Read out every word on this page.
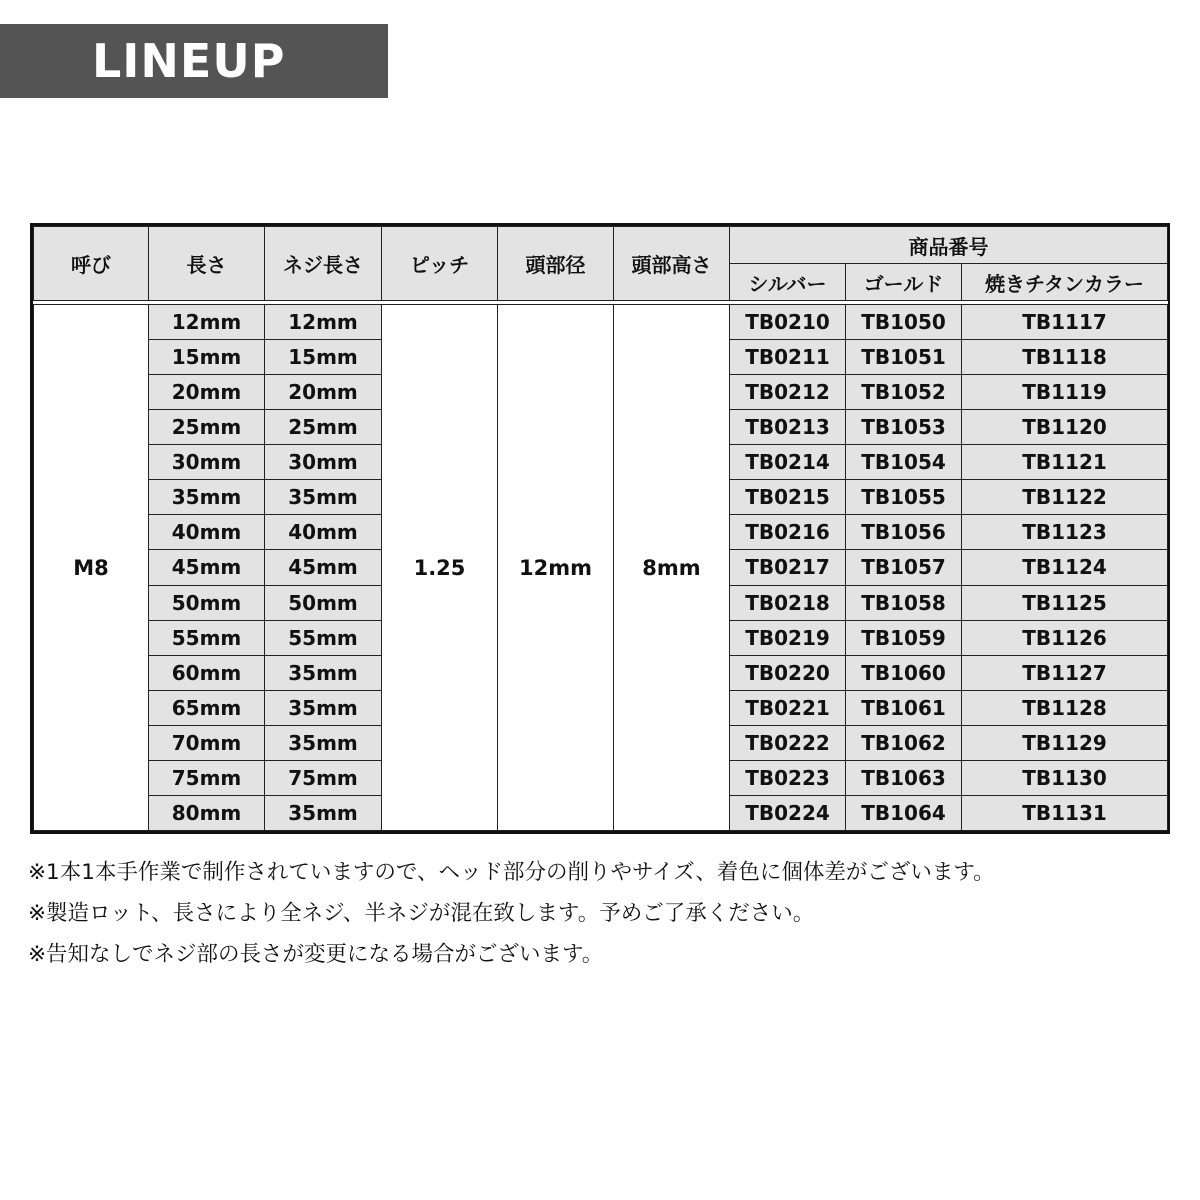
LINEUP
呼び	長さ	ネジ長さ	ピッチ	頭部径	頭部高さ	商品番号		
						シルバー	ゴールド	焼きチタンカラー

M8	12mm	12mm	1.25	12mm	8mm	TB0210	TB1050	TB1117
	15mm	15mm				TB0211	TB1051	TB1118
	20mm	20mm				TB0212	TB1052	TB1119
	25mm	25mm				TB0213	TB1053	TB1120
	30mm	30mm				TB0214	TB1054	TB1121
	35mm	35mm				TB0215	TB1055	TB1122
	40mm	40mm				TB0216	TB1056	TB1123
	45mm	45mm				TB0217	TB1057	TB1124
	50mm	50mm				TB0218	TB1058	TB1125
	55mm	55mm				TB0219	TB1059	TB1126
	60mm	35mm				TB0220	TB1060	TB1127
	65mm	35mm				TB0221	TB1061	TB1128
	70mm	35mm				TB0222	TB1062	TB1129
	75mm	75mm				TB0223	TB1063	TB1130
	80mm	35mm				TB0224	TB1064	TB1131
※1本1本手作業で制作されていますので、ヘッド部分の削りやサイズ、着色に個体差がございます。
※製造ロット、長さにより全ネジ、半ネジが混在致します。予めご了承ください。
※告知なしでネジ部の長さが変更になる場合がございます。
